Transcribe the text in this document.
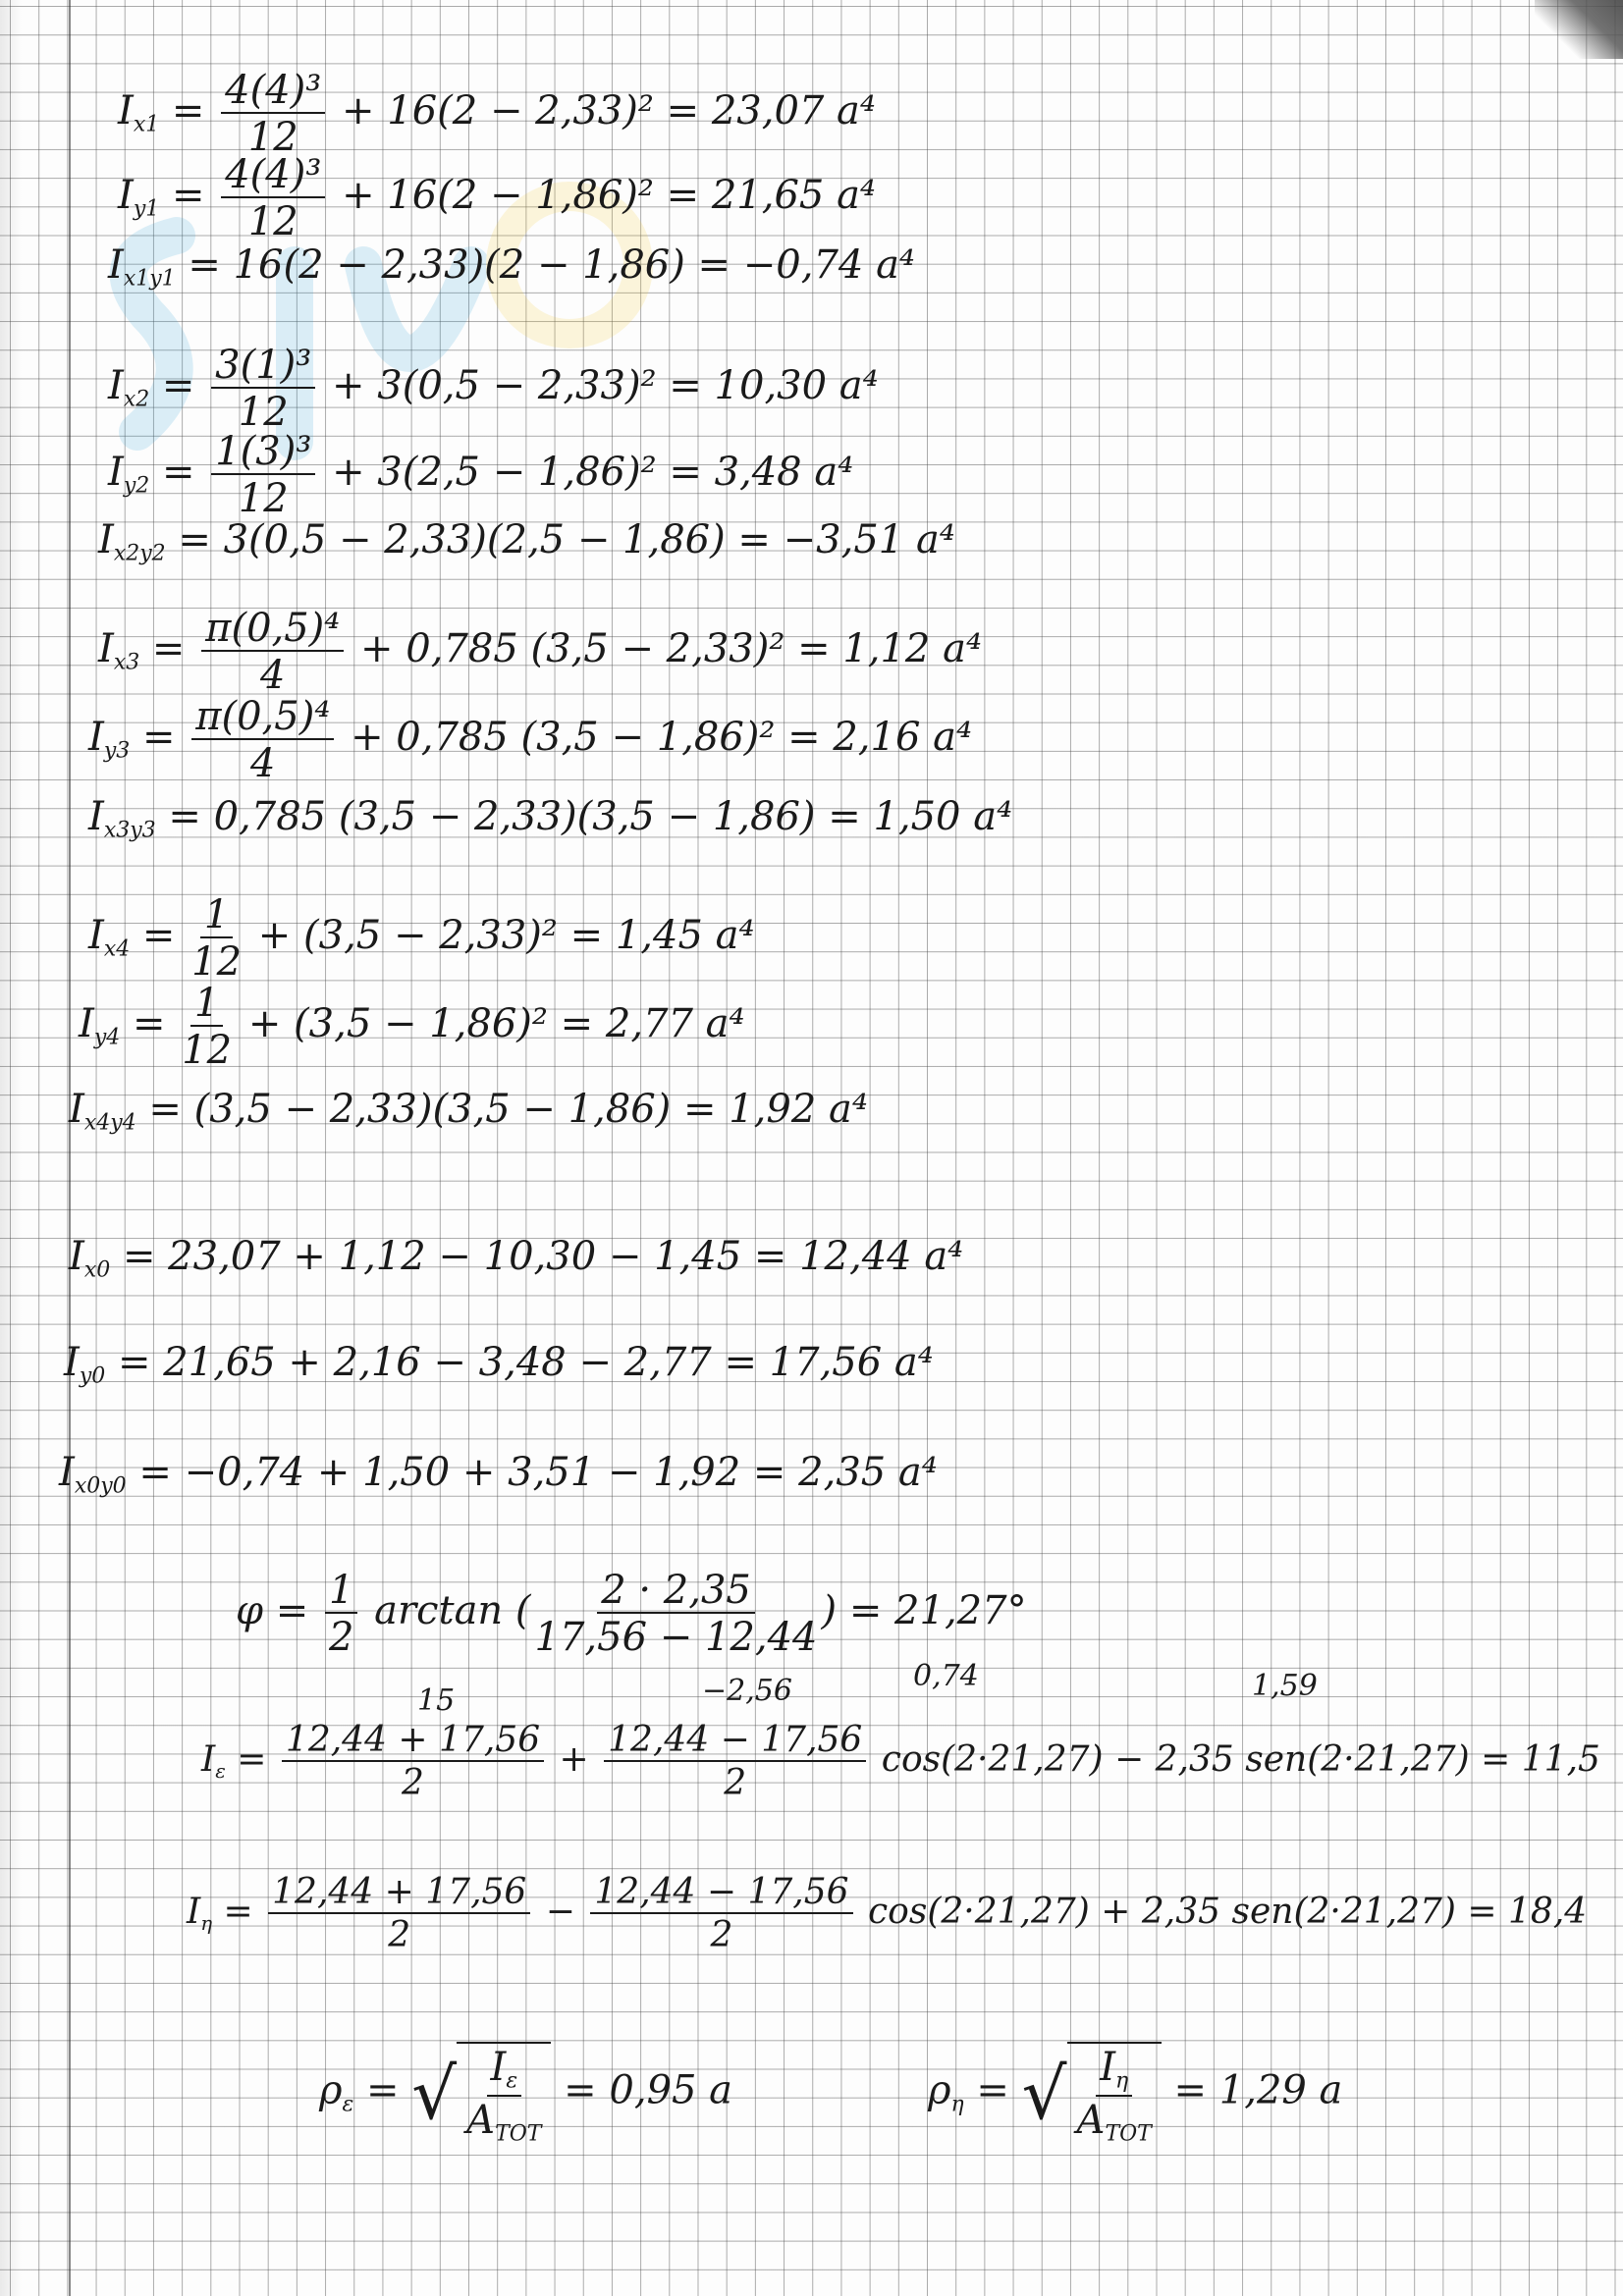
$I_{x1} = \frac{\text{4(4)³}}{12} + 16(2 - 2,33)^2 = 23,07$ a⁴
$I_{y1} = \frac{\text{4(4)³}}{12} + 16(2 - 1,86)^2 = 21,65$ a⁴
$I_{x1y1} = 16(2 - 2,33)(2 - 1,86) = -0,74$ a⁴
$I_{x2} = \frac{\text{3(1)³}}{12} + 3(0,5 - 2,33)^2 = 10,30$ a⁴
$I_{y2} = \frac{\text{1(3)³}}{12} + 3(2,5 - 1,86)^2 = 3,48$ a⁴
$I_{x2y2} = 3(0,5 - 2,33)(2,5 - 1,86) = -3,51$ a⁴
$I_{x3} = \frac{\text{π(0,5)⁴}}{4} + 0,785$ (3,5 − 2,33)² = 1,12 a⁴
$I_{y3} = \frac{\text{π(0,5)⁴}}{4} + 0,785$ (3,5 − 1,86)² = 2,16 a⁴
$I_{x3y3} = 0,785$ (3,5 − 2,33)(3,5 − 1,86) = 1,50 a⁴
$I_{x4} = \frac{1}{12} + (3,5 - 2,33)^2 = 1,45$ a⁴
$I_{y4} = \frac{1}{12} + (3,5 - 1,86)^2 = 2,77$ a⁴
$I_{x4y4} = (3,5 - 2,33)(3,5 - 1,86) = 1,92$ a⁴
$I_{x0} = 23,07 + 1,12 - 10,30 - 1,45 = 12,44$ a⁴
$I_{y0} = 21,65 + 2,16 - 3,48 - 2,77 = 17,56$ a⁴
$I_{x0y0} = -0,74 + 1,50 + 3,51 - 1,92 = 2,35$ a⁴
$\varphi = \frac{1}{2}$ arctan ( $\frac{2 \cdot 2,35}{17,56 - 12,44}$ ) = 21,27°
15	−2,56	0,74	1,59
$I_\varepsilon = \frac{12,44 + 17,56}{2} + \frac{12,44 - 17,56}{2} \cos(2\cdot 21,27) - 2,35$ sen(2·21,27) = 11,5
$I_\eta = \frac{12,44 + 17,56}{2} - \frac{12,44 - 17,56}{2} \cos(2\cdot 21,27) + 2,35$ sen(2·21,27) = 18,4
$\rho_\varepsilon$ = √ $\frac{I_\varepsilon}{A_{TOT}} = 0,95$ a	$\rho_\eta$ = √ $\frac{I_\eta}{A_{TOT}} = 1,29$ a
